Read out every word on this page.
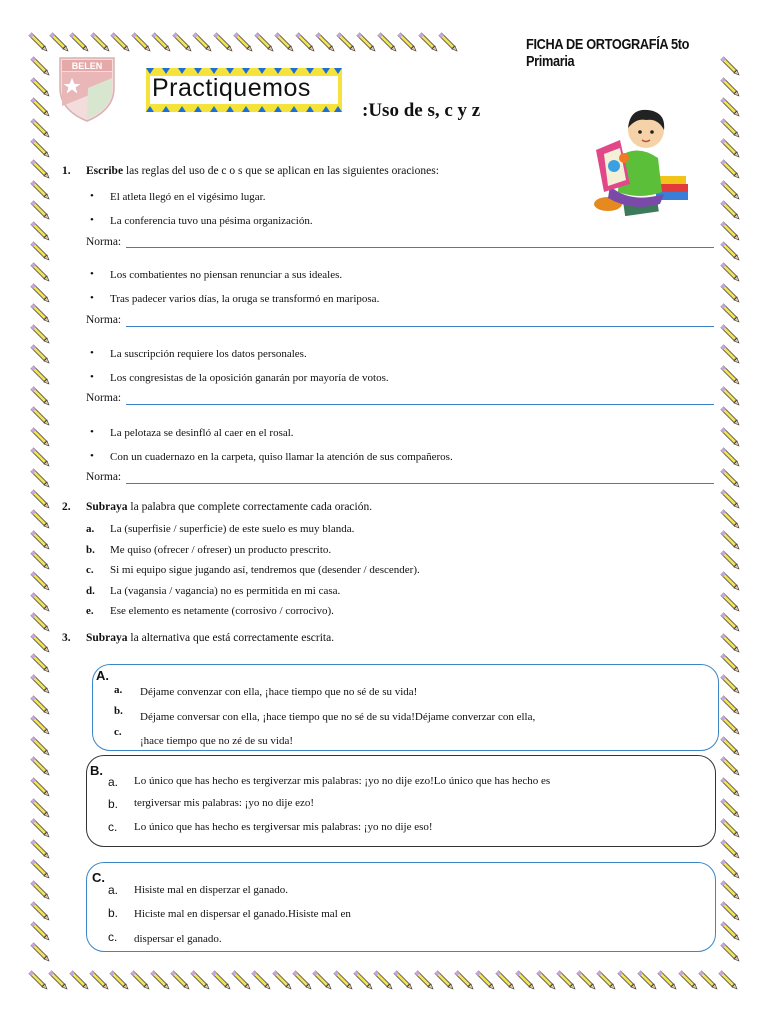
FICHA DE ORTOGRAFÍA 5to Primaria
BELEN
Practiquemos
:Uso de s, c y z
1. Escribe las reglas del uso de c o s que se aplican en las siguientes oraciones:
• El atleta llegó en el vigésimo lugar.
• La conferencia tuvo una pésima organización.
Norma:
• Los combatientes no piensan renunciar a sus ideales.
• Tras padecer varios días, la oruga se transformó en mariposa.
Norma:
• La suscripción requiere los datos personales.
• Los congresistas de la oposición ganarán por mayoría de votos.
Norma:
• La pelotaza se desinfló al caer en el rosal.
• Con un cuadernazo en la carpeta, quiso llamar la atención de sus compañeros.
Norma:
2. Subraya la palabra que complete correctamente cada oración.
a. La (superfisie / superficie) de este suelo es muy blanda.
b. Me quiso (ofrecer / ofreser) un producto prescrito.
c. Si mi equipo sigue jugando así, tendremos que (desender / descender).
d. La (vagansia / vagancia) no es permitida en mi casa.
e. Ese elemento es netamente (corrosivo / corrocivo).
3. Subraya la alternativa que está correctamente escrita.
A.
a.
b.
c.
Déjame convenzar con ella, ¡hace tiempo que no sé de su vida!
Déjame conversar con ella, ¡hace tiempo que no sé de su vida!Déjame converzar con ella,
¡hace tiempo que no zé de su vida!
B.
a.
b.
c.
Lo único que has hecho es tergiverzar mis palabras: ¡yo no dije ezo!Lo único que has hecho es
tergiversar mis palabras: ¡yo no dije ezo!
Lo único que has hecho es tergiversar mis palabras: ¡yo no dije eso!
C.
a.
b.
c.
Hisiste mal en disperzar el ganado.
Hiciste mal en dispersar el ganado.Hisiste mal en
dispersar el ganado.
